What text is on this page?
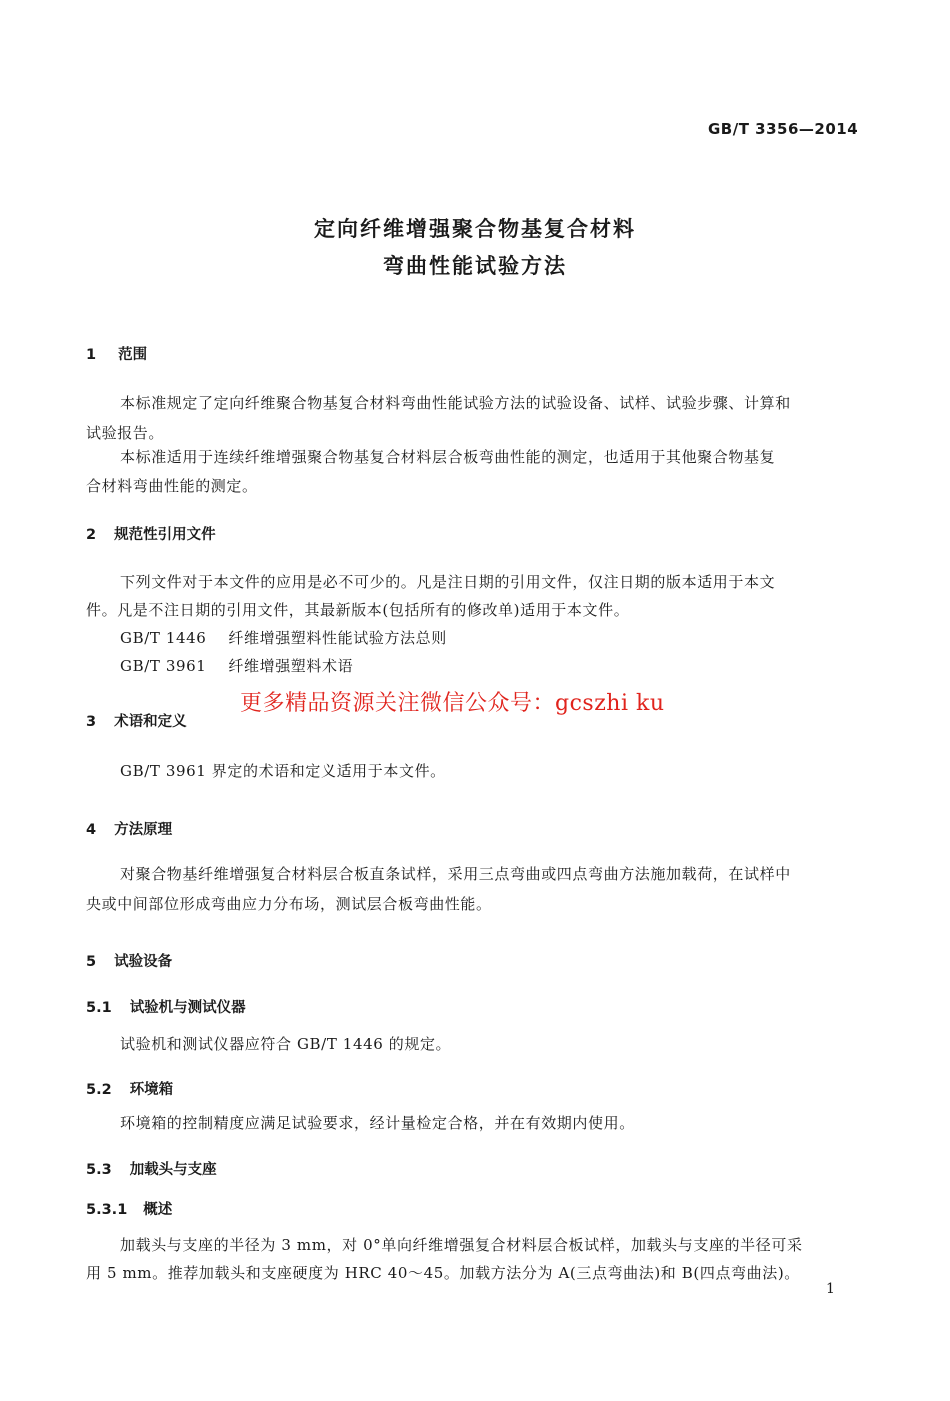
GB/T 3356—2014
定向纤维增强聚合物基复合材料
弯曲性能试验方法
1 范围
本标准规定了定向纤维聚合物基复合材料弯曲性能试验方法的试验设备、试样、试验步骤、计算和
试验报告。
本标准适用于连续纤维增强聚合物基复合材料层合板弯曲性能的测定，也适用于其他聚合物基复
合材料弯曲性能的测定。
2 规范性引用文件
下列文件对于本文件的应用是必不可少的。凡是注日期的引用文件，仅注日期的版本适用于本文
件。凡是不注日期的引用文件，其最新版本(包括所有的修改单)适用于本文件。
GB/T 1446 纤维增强塑料性能试验方法总则
GB/T 3961 纤维增强塑料术语
更多精品资源关注微信公众号：gcszhi ku
3 术语和定义
GB/T 3961 界定的术语和定义适用于本文件。
4 方法原理
对聚合物基纤维增强复合材料层合板直条试样，采用三点弯曲或四点弯曲方法施加载荷，在试样中
央或中间部位形成弯曲应力分布场，测试层合板弯曲性能。
5 试验设备
5.1 试验机与测试仪器
试验机和测试仪器应符合 GB/T 1446 的规定。
5.2 环境箱
环境箱的控制精度应满足试验要求，经计量检定合格，并在有效期内使用。
5.3 加载头与支座
5.3.1 概述
加载头与支座的半径为 3 mm，对 0°单向纤维增强复合材料层合板试样，加载头与支座的半径可采
用 5 mm。推荐加载头和支座硬度为 HRC 40～45。加载方法分为 A(三点弯曲法)和 B(四点弯曲法)。
1
